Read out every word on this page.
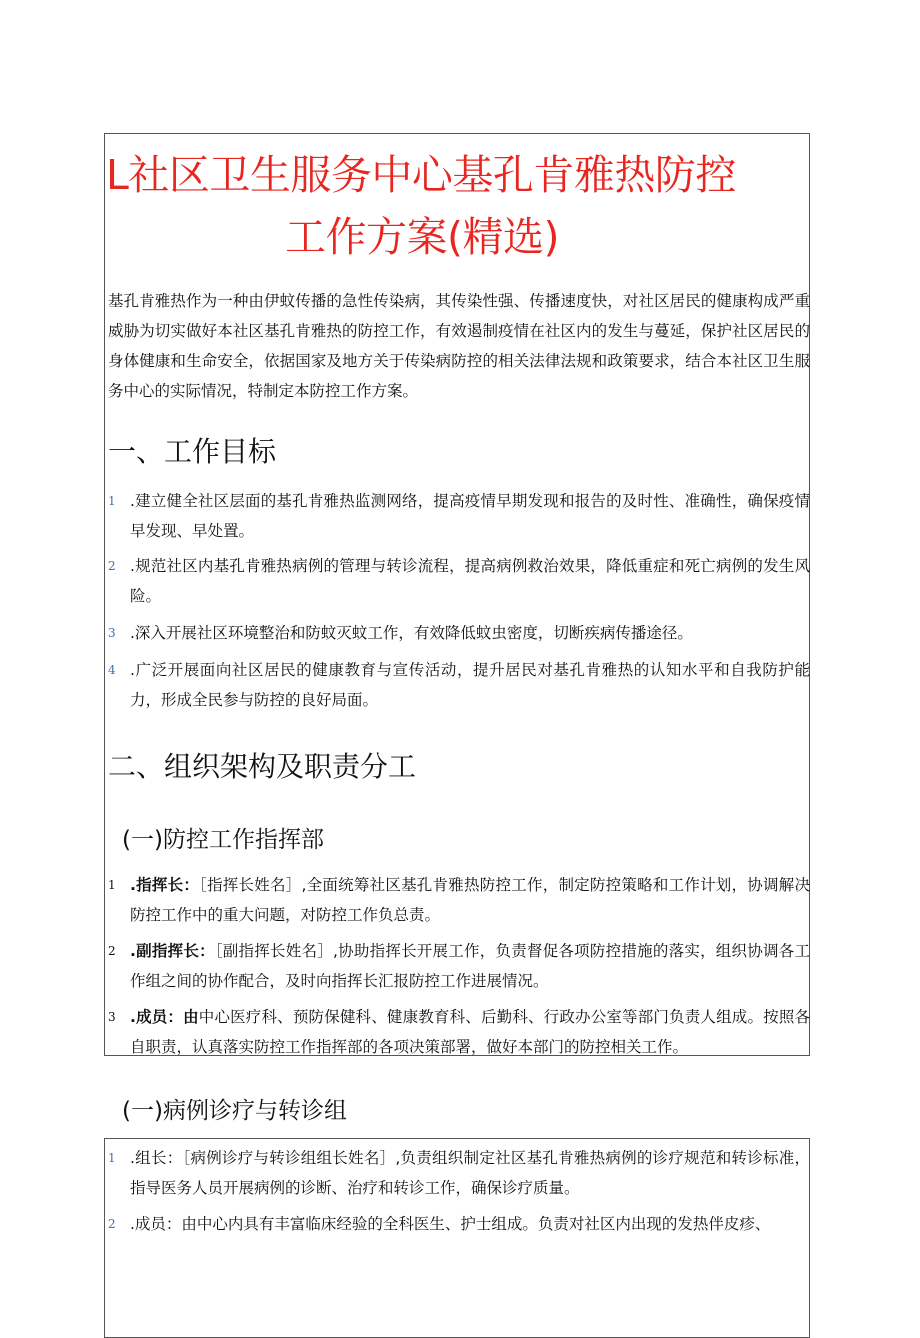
L社区卫生服务中心基孔肯雅热防控
工作方案(精选)
基孔肯雅热作为一种由伊蚊传播的急性传染病，其传染性强、传播速度快，对社区居民的健康构成严重威胁为切实做好本社区基孔肯雅热的防控工作，有效遏制疫情在社区内的发生与蔓延，保护社区居民的身体健康和生命安全，依据国家及地方关于传染病防控的相关法律法规和政策要求，结合本社区卫生服务中心的实际情况，特制定本防控工作方案。
一、工作目标
1 .建立健全社区层面的基孔肯雅热监测网络，提高疫情早期发现和报告的及时性、准确性，确保疫情早发现、早处置。
2 .规范社区内基孔肯雅热病例的管理与转诊流程，提高病例救治效果，降低重症和死亡病例的发生风险。
3 .深入开展社区环境整治和防蚊灭蚊工作，有效降低蚊虫密度，切断疾病传播途径。
4 .广泛开展面向社区居民的健康教育与宣传活动，提升居民对基孔肯雅热的认知水平和自我防护能力，形成全民参与防控的良好局面。
二、组织架构及职责分工
(一)防控工作指挥部
1 .指挥长：［指挥长姓名］,全面统筹社区基孔肯雅热防控工作，制定防控策略和工作计划，协调解决防控工作中的重大问题，对防控工作负总责。
2 .副指挥长：［副指挥长姓名］,协助指挥长开展工作，负责督促各项防控措施的落实，组织协调各工作组之间的协作配合，及时向指挥长汇报防控工作进展情况。
3 .成员：由中心医疗科、预防保健科、健康教育科、后勤科、行政办公室等部门负责人组成。按照各自职责，认真落实防控工作指挥部的各项决策部署，做好本部门的防控相关工作。
(一)病例诊疗与转诊组
1 .组长：［病例诊疗与转诊组组长姓名］,负责组织制定社区基孔肯雅热病例的诊疗规范和转诊标准，指导医务人员开展病例的诊断、治疗和转诊工作，确保诊疗质量。
2 .成员：由中心内具有丰富临床经验的全科医生、护士组成。负责对社区内出现的发热伴皮疹、
